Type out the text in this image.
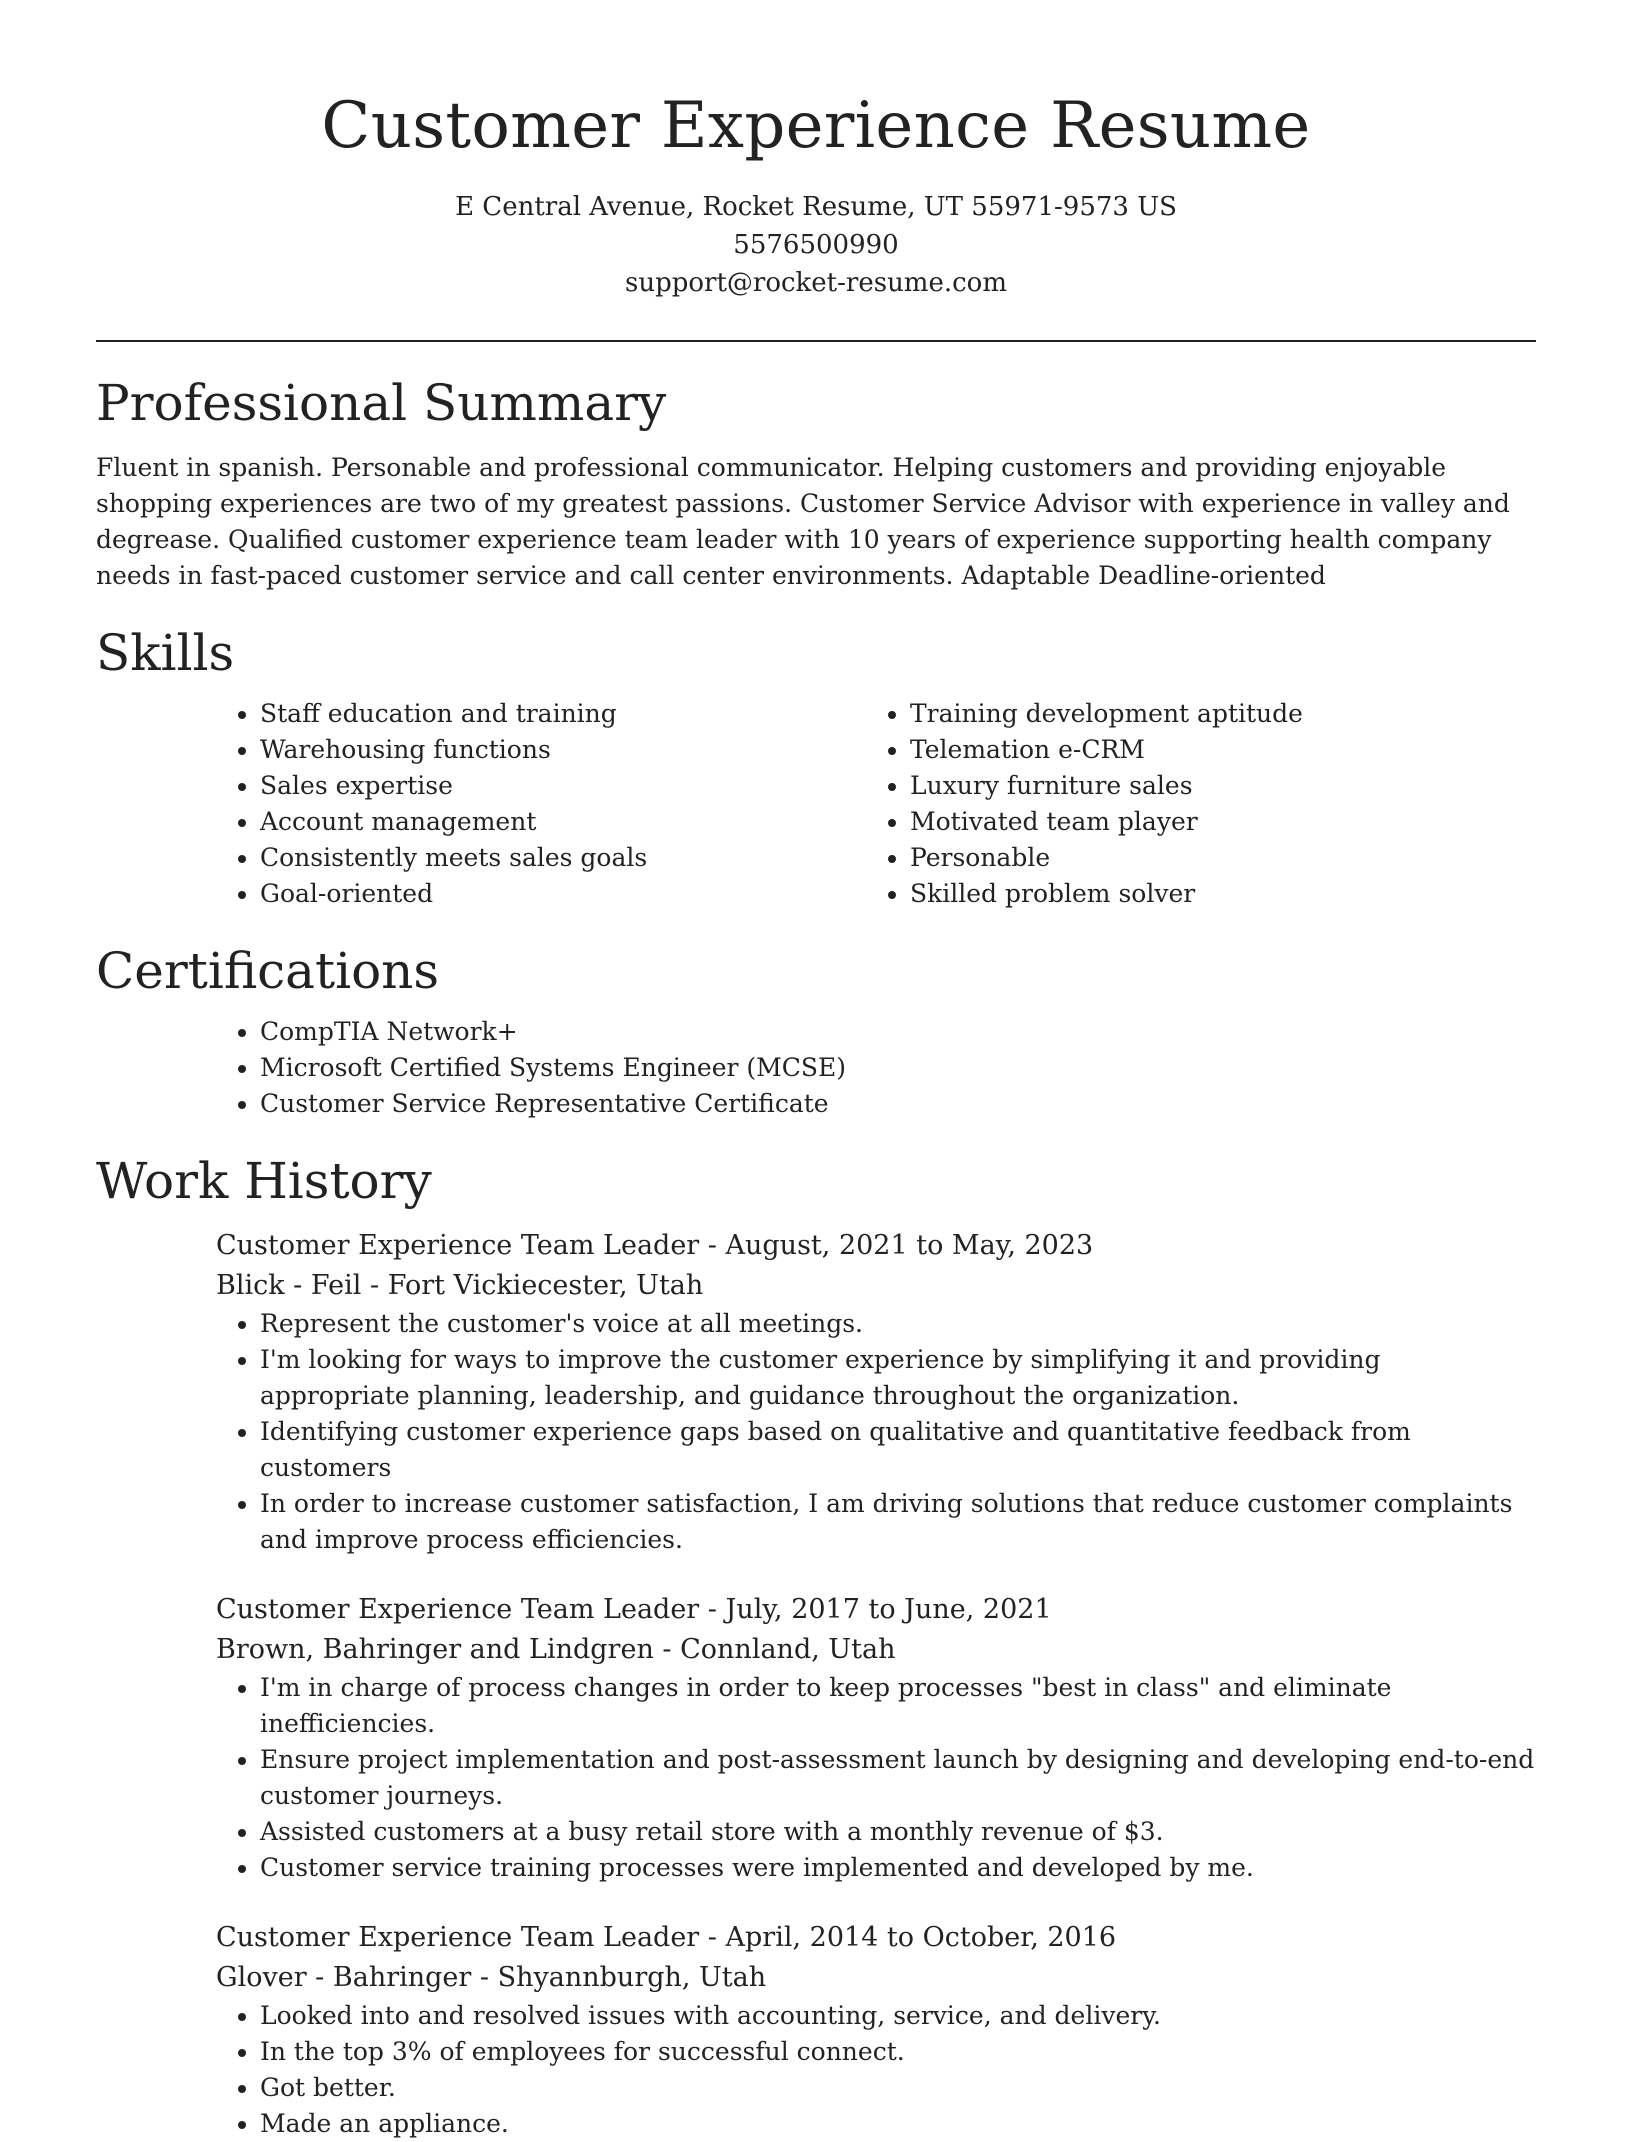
Customer Experience Resume
E Central Avenue, Rocket Resume, UT 55971-9573 US
5576500990
support@rocket-resume.com
Professional Summary

Fluent in spanish. Personable and professional communicator. Helping customers and providing enjoyable shopping experiences are two of my greatest passions. Customer Service Advisor with experience in valley and degrease. Qualified customer experience team leader with 10 years of experience supporting health company needs in fast-paced customer service and call center environments. Adaptable Deadline-oriented

Skills
• Staff education and training
• Warehousing functions
• Sales expertise
• Account management
• Consistently meets sales goals
• Goal-oriented
• Training development aptitude
• Telemation e-CRM
• Luxury furniture sales
• Motivated team player
• Personable
• Skilled problem solver
Certifications
• CompTIA Network+
• Microsoft Certified Systems Engineer (MCSE)
• Customer Service Representative Certificate
Work History
Customer Experience Team Leader - August, 2021 to May, 2023
Blick - Feil - Fort Vickiecester, Utah
• Represent the customer's voice at all meetings.
• I'm looking for ways to improve the customer experience by simplifying it and providing appropriate planning, leadership, and guidance throughout the organization.
• Identifying customer experience gaps based on qualitative and quantitative feedback from customers
• In order to increase customer satisfaction, I am driving solutions that reduce customer complaints and improve process efficiencies.
Customer Experience Team Leader - July, 2017 to June, 2021
Brown, Bahringer and Lindgren - Connland, Utah
• I'm in charge of process changes in order to keep processes "best in class" and eliminate inefficiencies.
• Ensure project implementation and post-assessment launch by designing and developing end-to-end customer journeys.
• Assisted customers at a busy retail store with a monthly revenue of $3.
• Customer service training processes were implemented and developed by me.
Customer Experience Team Leader - April, 2014 to October, 2016
Glover - Bahringer - Shyannburgh, Utah
• Looked into and resolved issues with accounting, service, and delivery.
• In the top 3% of employees for successful connect.
• Got better.
• Made an appliance.
